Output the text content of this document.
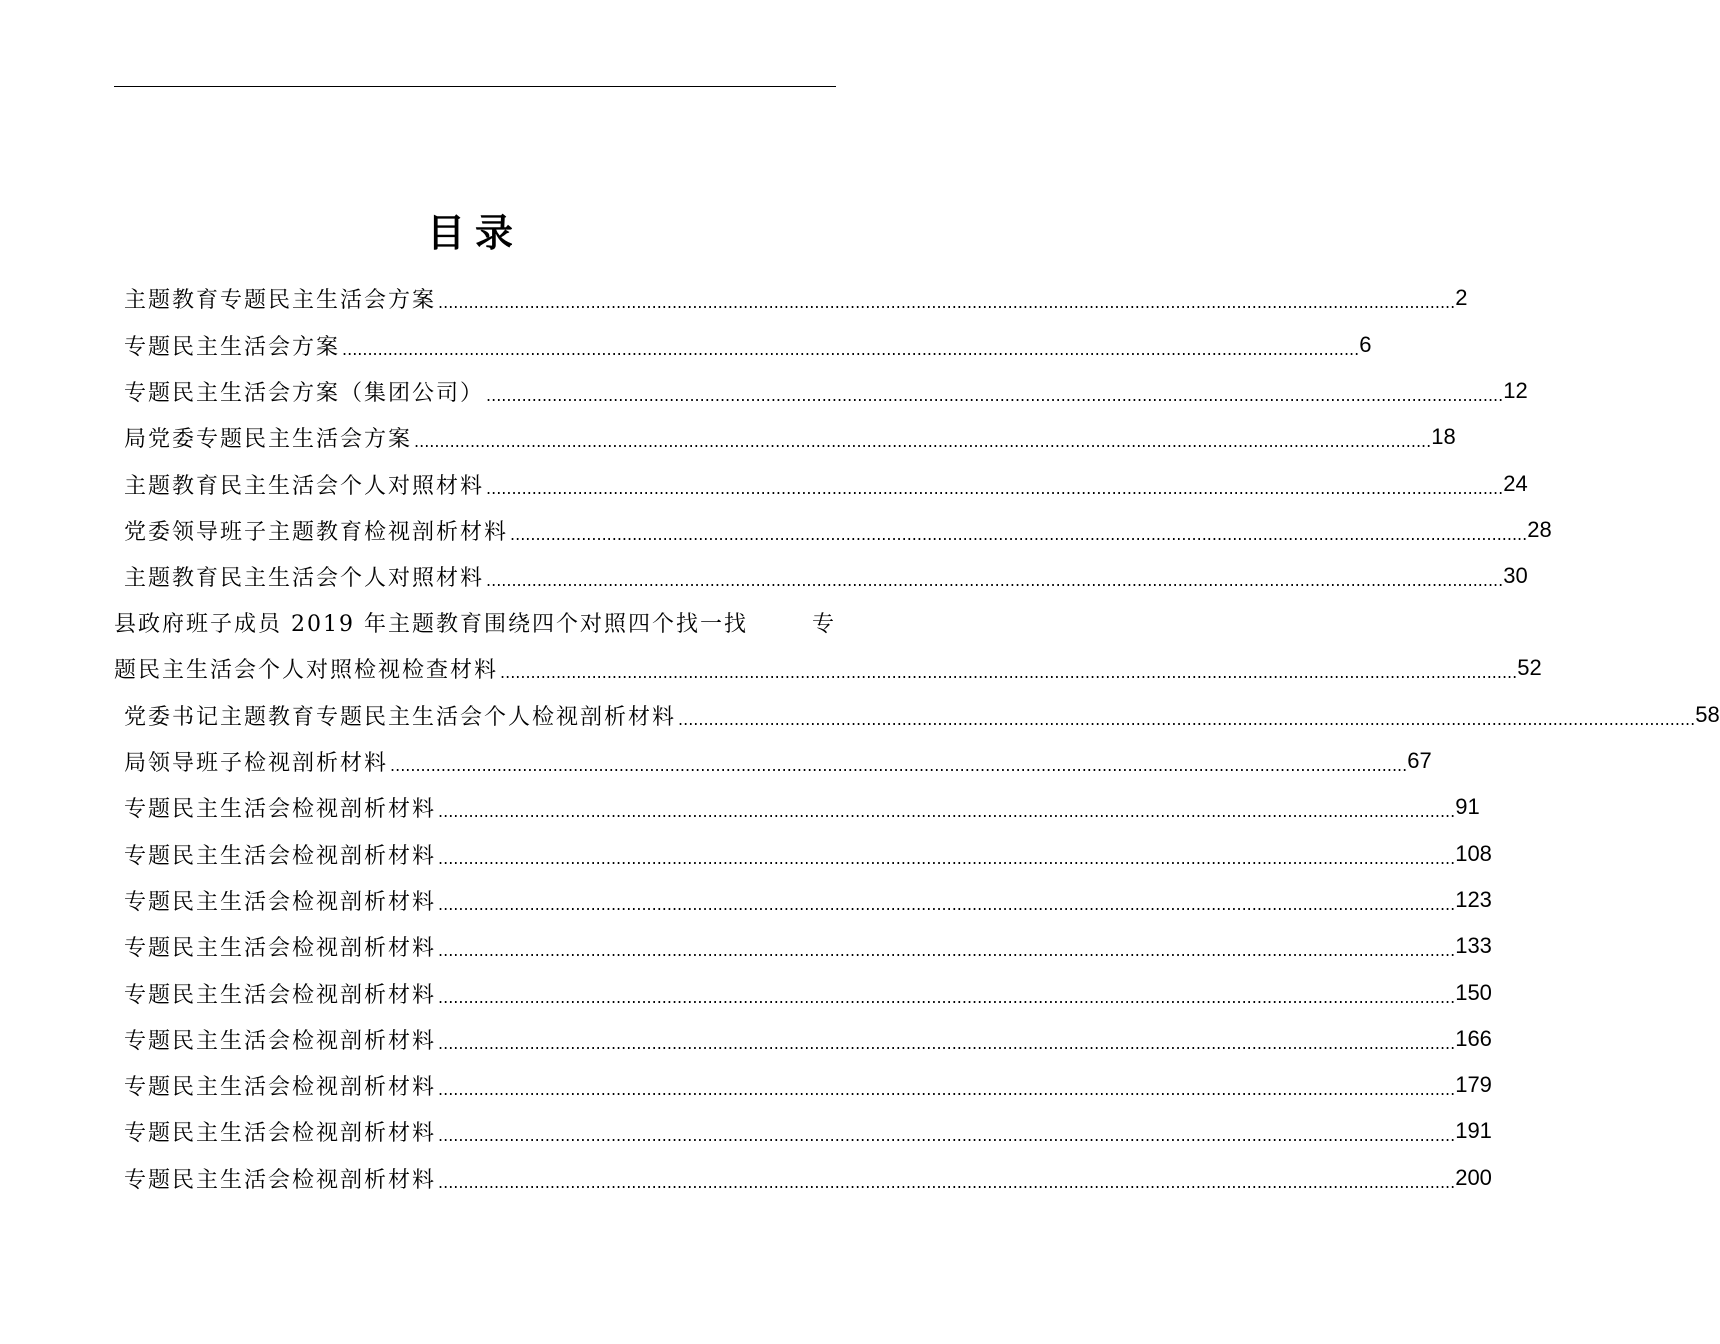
目录
主题教育专题民主生活会方案 ........................................................................................................................................................................................................ 2
专题民主生活会方案 ........................................................................................................................................................................................................ 6
专题民主生活会方案（集团公司） ........................................................................................................................................................................................................ 12
局党委专题民主生活会方案 ........................................................................................................................................................................................................ 18
主题教育民主生活会个人对照材料 ........................................................................................................................................................................................................ 24
党委领导班子主题教育检视剖析材料 ........................................................................................................................................................................................................ 28
主题教育民主生活会个人对照材料 ........................................................................................................................................................................................................ 30
县政府班子成员 2019 年主题教育围绕四个对照四个找一找	专
题民主生活会个人对照检视检查材料 ........................................................................................................................................................................................................ 52
党委书记主题教育专题民主生活会个人检视剖析材料 ........................................................................................................................................................................................................ 58
局领导班子检视剖析材料 ........................................................................................................................................................................................................ 67
专题民主生活会检视剖析材料 ........................................................................................................................................................................................................ 91
专题民主生活会检视剖析材料 ........................................................................................................................................................................................................ 108
专题民主生活会检视剖析材料 ........................................................................................................................................................................................................ 123
专题民主生活会检视剖析材料 ........................................................................................................................................................................................................ 133
专题民主生活会检视剖析材料 ........................................................................................................................................................................................................ 150
专题民主生活会检视剖析材料 ........................................................................................................................................................................................................ 166
专题民主生活会检视剖析材料 ........................................................................................................................................................................................................ 179
专题民主生活会检视剖析材料 ........................................................................................................................................................................................................ 191
专题民主生活会检视剖析材料 ........................................................................................................................................................................................................ 200
